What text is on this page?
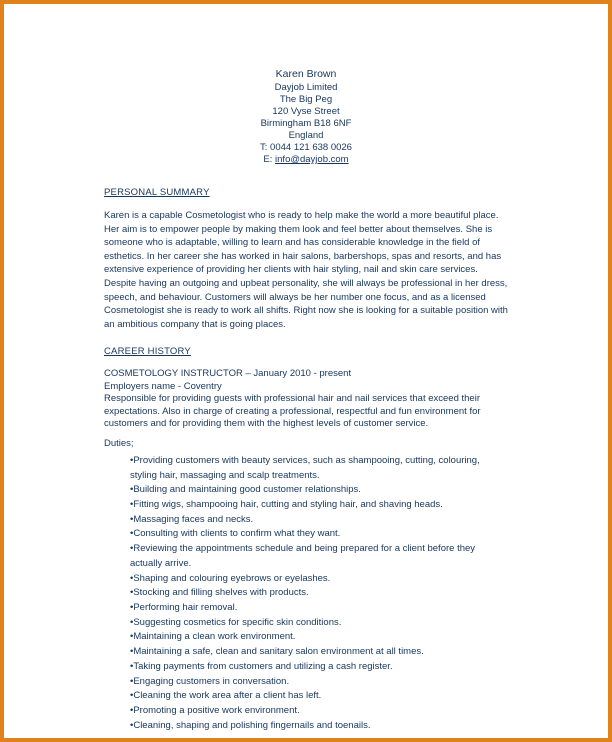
Karen Brown
Dayjob Limited
The Big Peg
120 Vyse Street
Birmingham B18 6NF
England
T: 0044 121 638 0026
E: info@dayjob.com
PERSONAL SUMMARY
Karen is a capable Cosmetologist who is ready to help make the world a more beautiful place. Her aim is to empower people by making them look and feel better about themselves. She is someone who is adaptable, willing to learn and has considerable knowledge in the field of esthetics. In her career she has worked in hair salons, barbershops, spas and resorts, and has extensive experience of providing her clients with hair styling, nail and skin care services. Despite having an outgoing and upbeat personality, she will always be professional in her dress, speech, and behaviour. Customers will always be her number one focus, and as a licensed Cosmetologist she is ready to work all shifts. Right now she is looking for a suitable position with an ambitious company that is going places.
CAREER HISTORY
COSMETOLOGY INSTRUCTOR – January 2010 - present
Employers name - Coventry
Responsible for providing guests with professional hair and nail services that exceed their expectations. Also in charge of creating a professional, respectful and fun environment for customers and for providing them with the highest levels of customer service.
Duties;
• Providing customers with beauty services, such as shampooing, cutting, colouring, styling hair, massaging and scalp treatments.
• Building and maintaining good customer relationships.
• Fitting wigs, shampooing hair, cutting and styling hair, and shaving heads.
• Massaging faces and necks.
• Consulting with clients to confirm what they want.
• Reviewing the appointments schedule and being prepared for a client before they actually arrive.
• Shaping and colouring eyebrows or eyelashes.
• Stocking and filling shelves with products.
• Performing hair removal.
• Suggesting cosmetics for specific skin conditions.
• Maintaining a clean work environment.
• Maintaining a safe, clean and sanitary salon environment at all times.
• Taking payments from customers and utilizing a cash register.
• Engaging customers in conversation.
• Cleaning the work area after a client has left.
• Promoting a positive work environment.
• Cleaning, shaping and polishing fingernails and toenails.
